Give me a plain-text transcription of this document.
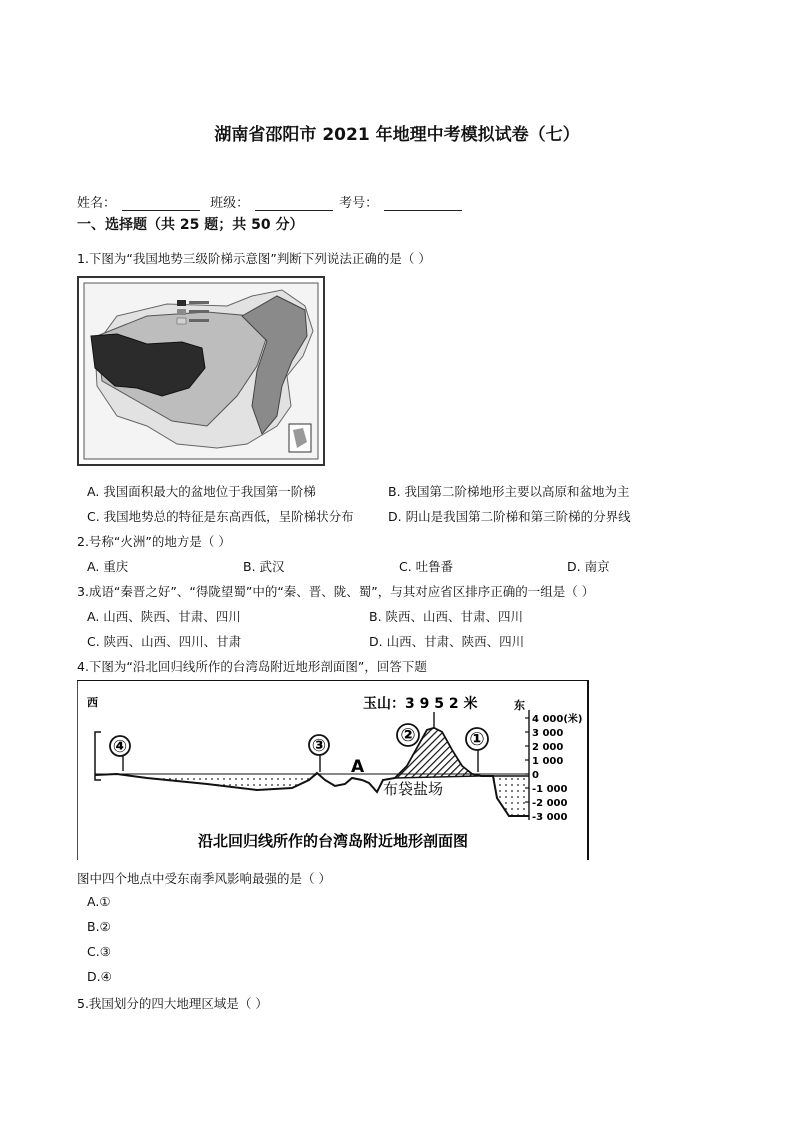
湖南省邵阳市 2021 年地理中考模拟试卷（七）
姓名：	班级：	考号：
一、选择题（共 25 题；共 50 分）
1.下图为“我国地势三级阶梯示意图”判断下列说法正确的是（ ）
A. 我国面积最大的盆地位于我国第一阶梯	B. 我国第二阶梯地形主要以高原和盆地为主
C. 我国地势总的特征是东高西低，呈阶梯状分布	D. 阴山是我国第二阶梯和第三阶梯的分界线
2.号称“火洲”的地方是（ ）
A. 重庆	B. 武汉	C. 吐鲁番	D. 南京
3.成语“秦晋之好”、“得陇望蜀”中的“秦、晋、陇、蜀”，与其对应省区排序正确的一组是（ ）
A. 山西、陕西、甘肃、四川	B. 陕西、山西、甘肃、四川
C. 陕西、山西、四川、甘肃	D. 山西、甘肃、陕西、四川
4.下图为“沿北回归线所作的台湾岛附近地形剖面图”，回答下题
西	东
玉山：3 9 5 2 米
④	③	②	①
A
布袋盐场
4 000(米)
3 000
2 000
1 000
0
-1 000
-2 000
-3 000
沿北回归线所作的台湾岛附近地形剖面图
图中四个地点中受东南季风影响最强的是（ ）
A.①
B.②
C.③
D.④
5.我国划分的四大地理区域是（ ）
